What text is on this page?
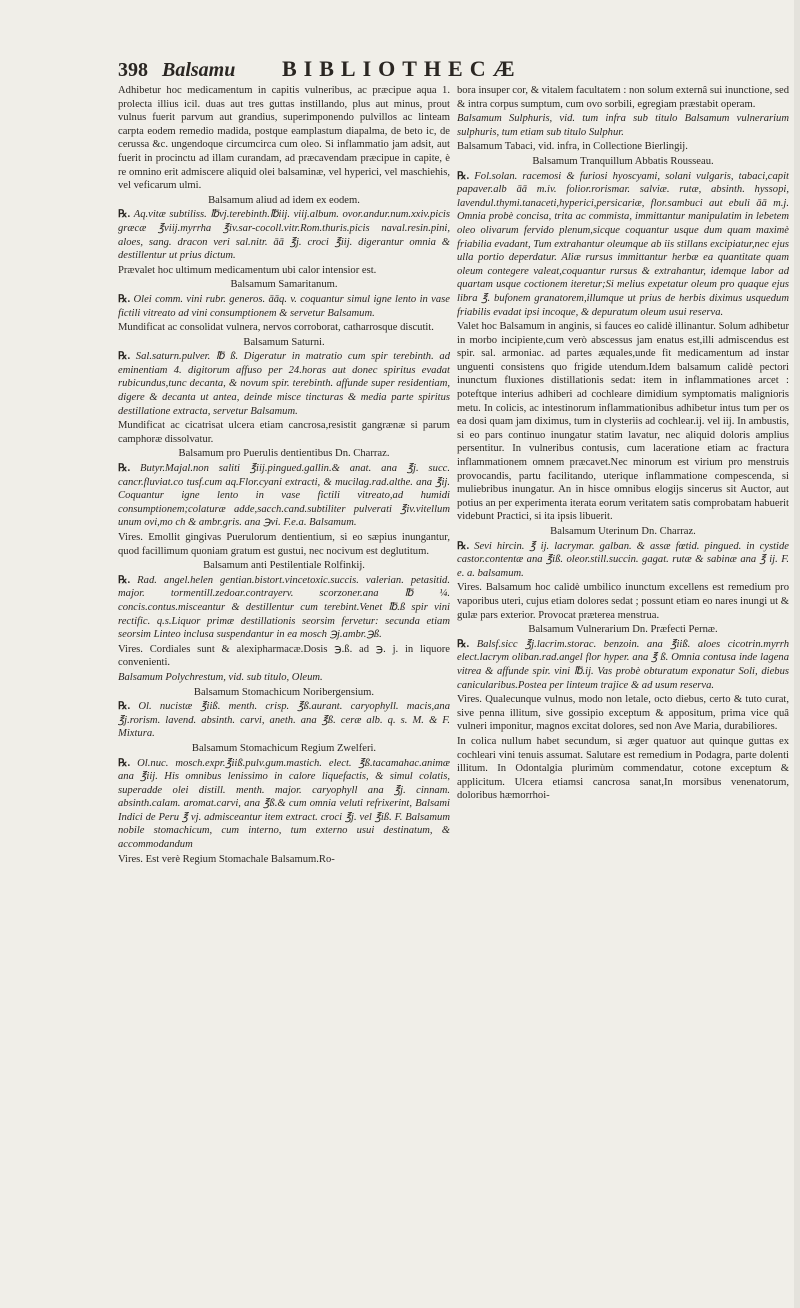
398 Balsamu	BIBLIOTHECÆ

Adhibetur hoc medicamentum in capitis vulneribus, ac præcipue aqua 1. prolecta illius icil. duas aut tres guttas instillando, plus aut minus, prout vulnus fuerit parvum aut grandius, superimponendo pulvillos ac linteam carpta eodem remedio madida, postque eamplastum diapalma, de beto ic, de cerussa &c. ungendoque circumcirca cum oleo. Si inflammatio jam adsit, aut fuerit in procinctu ad illam curandam, ad præcavendam præcipue in capite, è re omnino erit admiscere aliquid olei balsaminæ, vel hyperici, vel maschiehis, vel veficarum ulmi.

Balsamum aliud ad idem ex eodem.

℞. Aq.vitæ subtiliss. ℔vj.terebinth.℔iij. viij.album. ovor.andur.num.xxiv.picis græcæ ℥viij.myrrha ℥iv.sar-cocoll.vitr.Rom.thuris.picis naval.resin.pini, aloes, sang. dracon veri sal.nitr. āā ℥j. croci ℥iij. digerantur omnia & destillentur ut prius dictum.

Prævalet hoc ultimum medicamentum ubi calor intensior est.

Balsamum Samaritanum.

℞. Olei comm. vini rubr. generos. āāq. v. coquantur simul igne lento in vase fictili vitreato ad vini consumptionem & servetur Balsamum.

Mundificat ac consolidat vulnera, nervos corroborat, catharrosque discutit.

Balsamum Saturni.

℞. Sal.saturn.pulver. ℔ ß. Digeratur in matratio cum spir terebinth. ad eminentiam 4. digitorum affuso per 24.horas aut donec spiritus evadat rubicundus,tunc decanta, & novum spir. terebinth. affunde super residentiam, digere & decanta ut antea, deinde misce tincturas & media parte spiritus destillatione extracta, servetur Balsamum.

Mundificat ac cicatrisat ulcera etiam cancrosa,resistit gangrænæ si parum camphoræ dissolvatur.

Balsamum pro Puerulis dentientibus Dn. Charraz.

℞. Butyr.Majal.non saliti ℥iij.pingued.gallin.& anat. ana ℥j. succ. cancr.fluviat.co tusf.cum aq.Flor.cyani extracti, & mucilag.rad.althe. ana ℥ij. Coquantur igne lento in vase fictili vitreato,ad humidi consumptionem;colaturæ adde,sacch.cand.subtiliter pulverati ℥iv.vitellum unum ovi,mo ch & ambr.gris. ana ℈vi. F.e.a. Balsamum.

Vires. Emollit gingivas Puerulorum dentientium, si eo sæpius inungantur, quod facillimum quoniam gratum est gustui, nec nocivum est deglutitum.

Balsamum anti Pestilentiale Rolfinkij.

℞. Rad. angel.helen gentian.bistort.vincetoxic.succis. valerian. petasitid. major. tormentill.zedoar.contrayerv. scorzoner.ana ℔ ¼. concis.contus.misceantur & destillentur cum terebint.Venet ℔.ß spir vini rectific. q.s.Liquor primæ destillationis seorsim fervetur: secunda etiam seorsim Linteo inclusa suspendantur in ea mosch ℈j.ambr.℈ß.

Vires. Cordiales sunt & alexipharmacæ.Dosis ℈.ß. ad ℈. j. in liquore convenienti.

Balsamum Polychrestum, vid. sub titulo, Oleum.

Balsamum Stomachicum Noribergensium.

℞. Ol. nucistæ ℥iiß. menth. crisp. ℥ß.aurant. caryophyll. macis,ana ℥j.rorism. lavend. absinth. carvi, aneth. ana ℥ß. ceræ alb. q. s. M. & F. Mixtura.

Balsamum Stomachicum Regium Zwelferi.

℞. Ol.nuc. mosch.expr.℥iiß.pulv.gum.mastich. elect. ℥ß.tacamahac.animæ ana ℥iij. His omnibus lenissimo in calore liquefactis, & simul colatis, superadde olei distill. menth. major. caryophyll ana ℥j. cinnam. absinth.calam. aromat.carvi, ana ℥ß.& cum omnia veluti refrixerint, Balsami Indici de Peru ℥ vj. admisceantur item extract. croci ℥j. vel ℥iß. F. Balsamum nobile stomachicum, cum interno, tum externo usui destinatum, & accommodandum

Vires. Est verè Regium Stomachale Balsamum.Ro-

bora insuper cor, & vitalem facultatem : non solum externâ sui inunctione, sed & intra corpus sumptum, cum ovo sorbili, egregiam præstabit operam.

Balsamum Sulphuris, vid. tum infra sub titulo Balsamum vulnerarium sulphuris, tum etiam sub titulo Sulphur.

Balsamum Tabaci, vid. infra, in Collectione Bierlingij.

Balsamum Tranquillum Abbatis Rousseau.

℞. Fol.solan. racemosi & furiosi hyoscyami, solani vulgaris, tabaci,capit papaver.alb āā m.iv. folior.rorismar. salviæ. rutæ, absinth. hyssopi, lavendul.thymi.tanaceti,hyperici,persicariæ, flor.sambuci aut ebuli āā m.j. Omnia probè concisa, trita ac commista, immittantur manipulatim in lebetem oleo olivarum fervido plenum,sicque coquantur usque dum quam maximè friabilia evadant, Tum extrahantur oleumque ab iis stillans excipiatur,nec ejus ulla portio deperdatur. Aliæ rursus immittantur herbæ ea quantitate quam oleum contegere valeat,coquantur rursus & extrahantur, idemque labor ad quartam usque coctionem iteretur;Si melius expetatur oleum pro quaque ejus libra ℥. bufonem granatorem,illumque ut prius de herbis diximus usquedum friabilis evadat ipsi incoque, & depuratum oleum usui reserva.

Valet hoc Balsamum in anginis, si fauces eo calidè illinantur. Solum adhibetur in morbo incipiente,cum verò abscessus jam enatus est,illi admiscendus est spir. sal. armoniac. ad partes æquales,unde fit medicamentum ad instar unguenti consistens quo frigide utendum.Idem balsamum calidè pectori inunctum fluxiones distillationis sedat: item in inflammationes arcet : poteftque interius adhiberi ad cochleare dimidium symptomatis malignioris metu. In colicis, ac intestinorum inflammationibus adhibetur intus tum per os ea dosi quam jam diximus, tum in clysteriis ad cochlear.ij. vel iij. In ambustis, si eo pars continuo inungatur statim lavatur, nec aliquid doloris amplius persentitur. In vulneribus contusis, cum laceratione etiam ac fractura inflammationem omnem præcavet.Nec minorum est virium pro menstruis provocandis, partu facilitando, uterique inflammatione compescenda, si muliebribus inungatur. An in hisce omnibus elogijs sincerus sit Auctor, aut potius an per experimenta iterata eorum veritatem satis comprobatam habuerit videbunt Practici, si ita ipsis libuerit.

Balsamum Uterinum Dn. Charraz.

℞. Sevi hircin. ℥ ij. lacrymar. galban. & assæ fœtid. pingued. in cystide castor.contentæ ana ℥iß. oleor.still.succin. gagat. rutæ & sabinæ ana ℥ ij. F. e. a. balsamum.

Vires. Balsamum hoc calidè umbilico inunctum excellens est remedium pro vaporibus uteri, cujus etiam dolores sedat ; possunt etiam eo nares inungi ut & gulæ pars exterior. Provocat præterea menstrua.

Balsamum Vulnerarium Dn. Præfecti Pernæ.

℞. Balsf.sicc ℥j.lacrim.storac. benzoin. ana ℥iiß. aloes cicotrin.myrrh elect.lacrym oliban.rad.angel flor hyper. ana ℥ ß. Omnia contusa inde lagena vitrea & affunde spir. vini ℔.ij. Vas probè obturatum exponatur Soli, diebus canicularibus.Postea per linteum trajice & ad usum reserva.

Vires. Qualecunque vulnus, modo non letale, octo diebus, certo & tuto curat, sive penna illitum, sive gossipio exceptum & appositum, prima vice quâ vulneri imponitur, magnos excitat dolores, sed non Ave Maria, durabiliores.

In colica nullum habet secundum, si æger quatuor aut quinque guttas ex cochleari vini tenuis assumat. Salutare est remedium in Podagra, parte dolenti illitum. In Odontalgia plurimùm commendatur, cotone exceptum & applicitum. Ulcera etiamsi cancrosa sanat,In morsibus venenatorum, doloribus hæmorrhoi-
